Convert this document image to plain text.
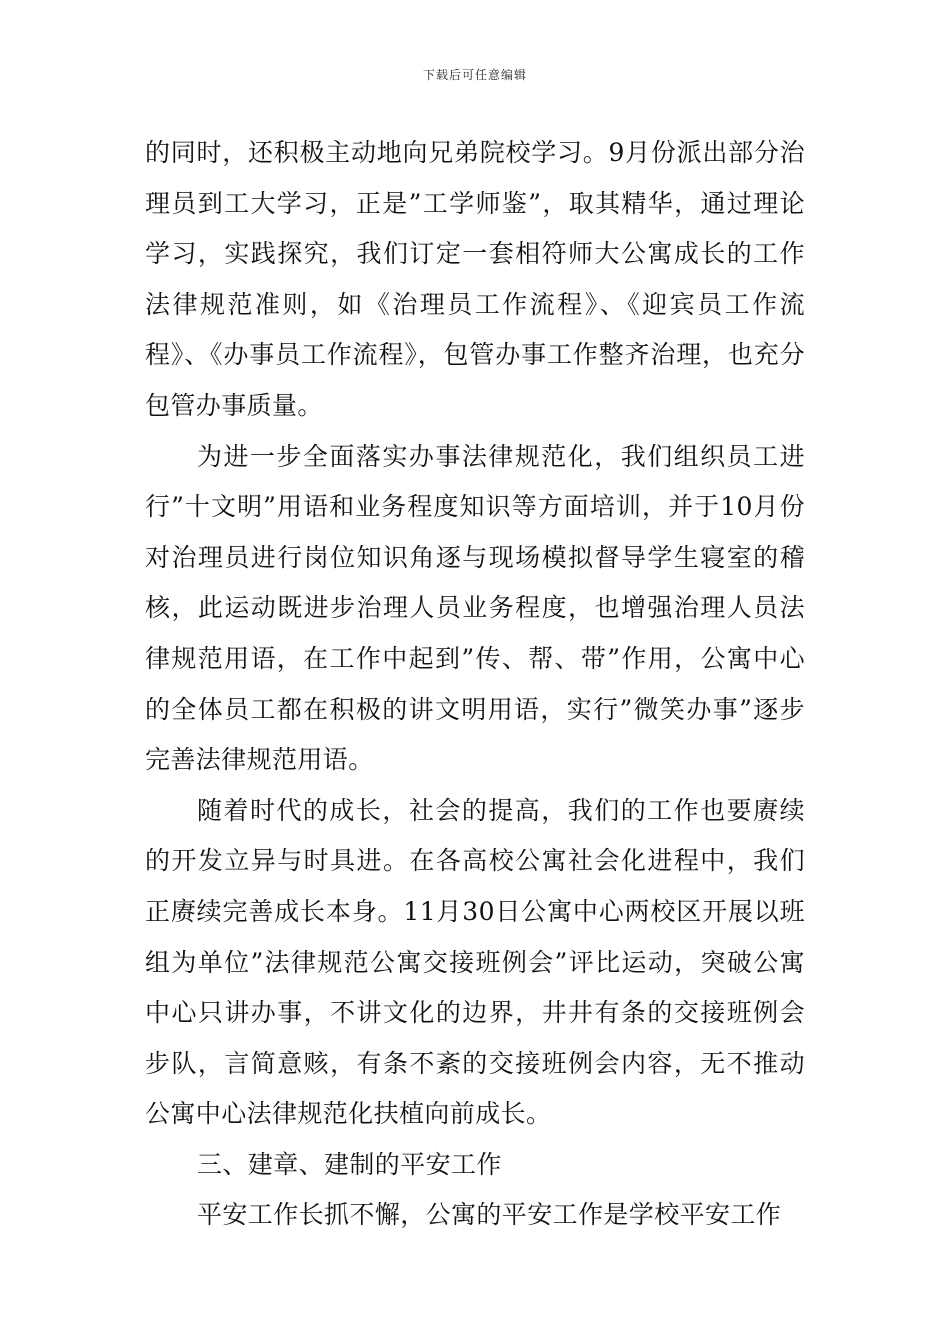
下载后可任意编辑

的同时，还积极主动地向兄弟院校学习。9月份派出部分治理员到工大学习，正是”工学师鉴”，取其精华，通过理论学习，实践探究，我们订定一套相符师大公寓成长的工作法律规范准则，如《治理员工作流程》、《迎宾员工作流程》、《办事员工作流程》，包管办事工作整齐治理，也充分包管办事质量。

为进一步全面落实办事法律规范化，我们组织员工进行”十文明”用语和业务程度知识等方面培训，并于10月份对治理员进行岗位知识角逐与现场模拟督导学生寝室的稽核，此运动既进步治理人员业务程度，也增强治理人员法律规范用语，在工作中起到”传、帮、带”作用，公寓中心的全体员工都在积极的讲文明用语，实行”微笑办事”逐步完善法律规范用语。

随着时代的成长，社会的提高，我们的工作也要赓续的开发立异与时具进。在各高校公寓社会化进程中，我们正赓续完善成长本身。11月30日公寓中心两校区开展以班组为单位”法律规范公寓交接班例会”评比运动，突破公寓中心只讲办事，不讲文化的边界，井井有条的交接班例会步队，言简意赅，有条不紊的交接班例会内容，无不推动公寓中心法律规范化扶植向前成长。

三、建章、建制的平安工作

平安工作长抓不懈，公寓的平安工作是学校平安工作
